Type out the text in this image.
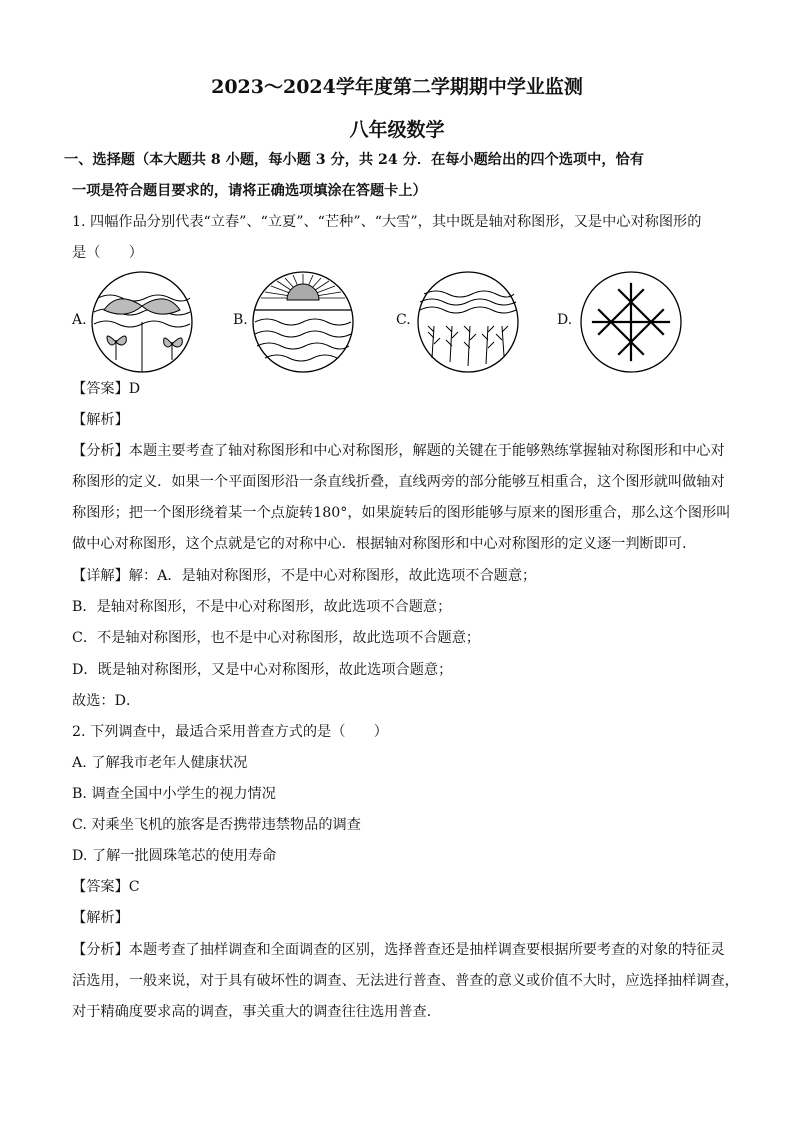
2023～2024学年度第二学期期中学业监测
八年级数学
一、选择题（本大题共 8 小题，每小题 3 分，共 24 分．在每小题给出的四个选项中，恰有
一项是符合题目要求的，请将正确选项填涂在答题卡上）
1. 四幅作品分别代表“立春”、“立夏”、“芒种”、“大雪”，其中既是轴对称图形，又是中心对称图形的
是（　　）
A.	B.	C.	D.
【答案】D
【解析】
【分析】本题主要考查了轴对称图形和中心对称图形，解题的关键在于能够熟练掌握轴对称图形和中心对
称图形的定义．如果一个平面图形沿一条直线折叠，直线两旁的部分能够互相重合，这个图形就叫做轴对
称图形；把一个图形绕着某一个点旋转180°，如果旋转后的图形能够与原来的图形重合，那么这个图形叫
做中心对称图形，这个点就是它的对称中心．根据轴对称图形和中心对称图形的定义逐一判断即可．
【详解】解：A．是轴对称图形，不是中心对称图形，故此选项不合题意；
B．是轴对称图形，不是中心对称图形，故此选项不合题意；
C．不是轴对称图形，也不是中心对称图形，故此选项不合题意；
D．既是轴对称图形，又是中心对称图形，故此选项合题意；
故选：D．
2. 下列调查中，最适合采用普查方式的是（　　）
A. 了解我市老年人健康状况
B. 调查全国中小学生的视力情况
C. 对乘坐飞机的旅客是否携带违禁物品的调查
D. 了解一批圆珠笔芯的使用寿命
【答案】C
【解析】
【分析】本题考查了抽样调查和全面调查的区别，选择普查还是抽样调查要根据所要考查的对象的特征灵
活选用，一般来说，对于具有破坏性的调查、无法进行普查、普查的意义或价值不大时，应选择抽样调查，
对于精确度要求高的调查，事关重大的调查往往选用普查．
